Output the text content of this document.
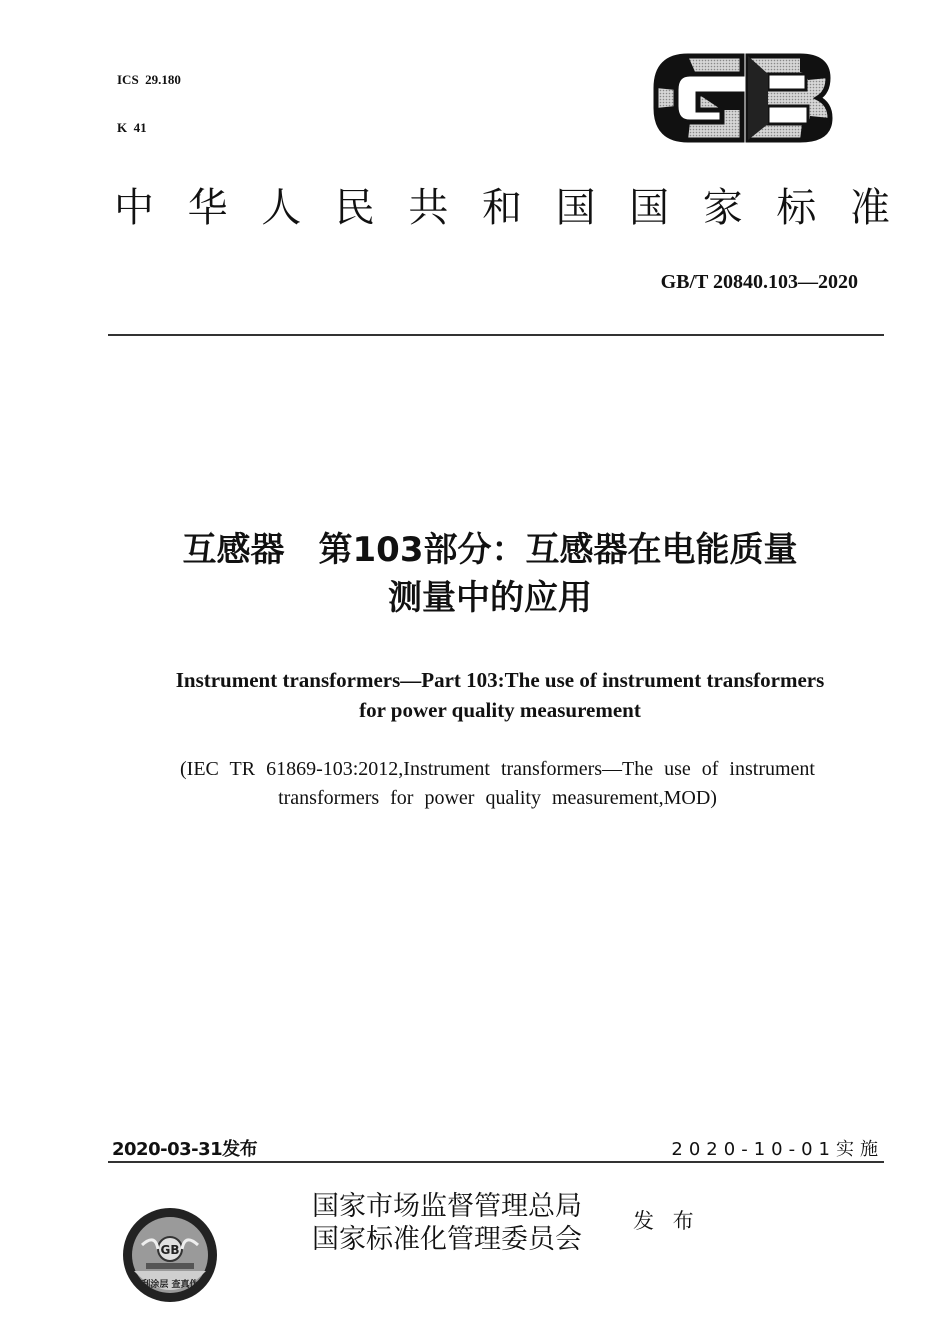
ICS  29.180

K  41

中 华 人 民 共 和 国 国 家 标 准
GB/T 20840.103—2020
互感器　第103部分：互感器在电能质量
测量中的应用
Instrument transformers—Part 103:The use of instrument transformers
for power quality measurement
(IEC TR 61869-103:2012,Instrument transformers—The use of instrument
transformers for power quality measurement,MOD)
2020-03-31发布	2020-10-01实施
GB
刮涂层 查真伪
国家市场监督管理总局
国家标准化管理委员会
发 布
